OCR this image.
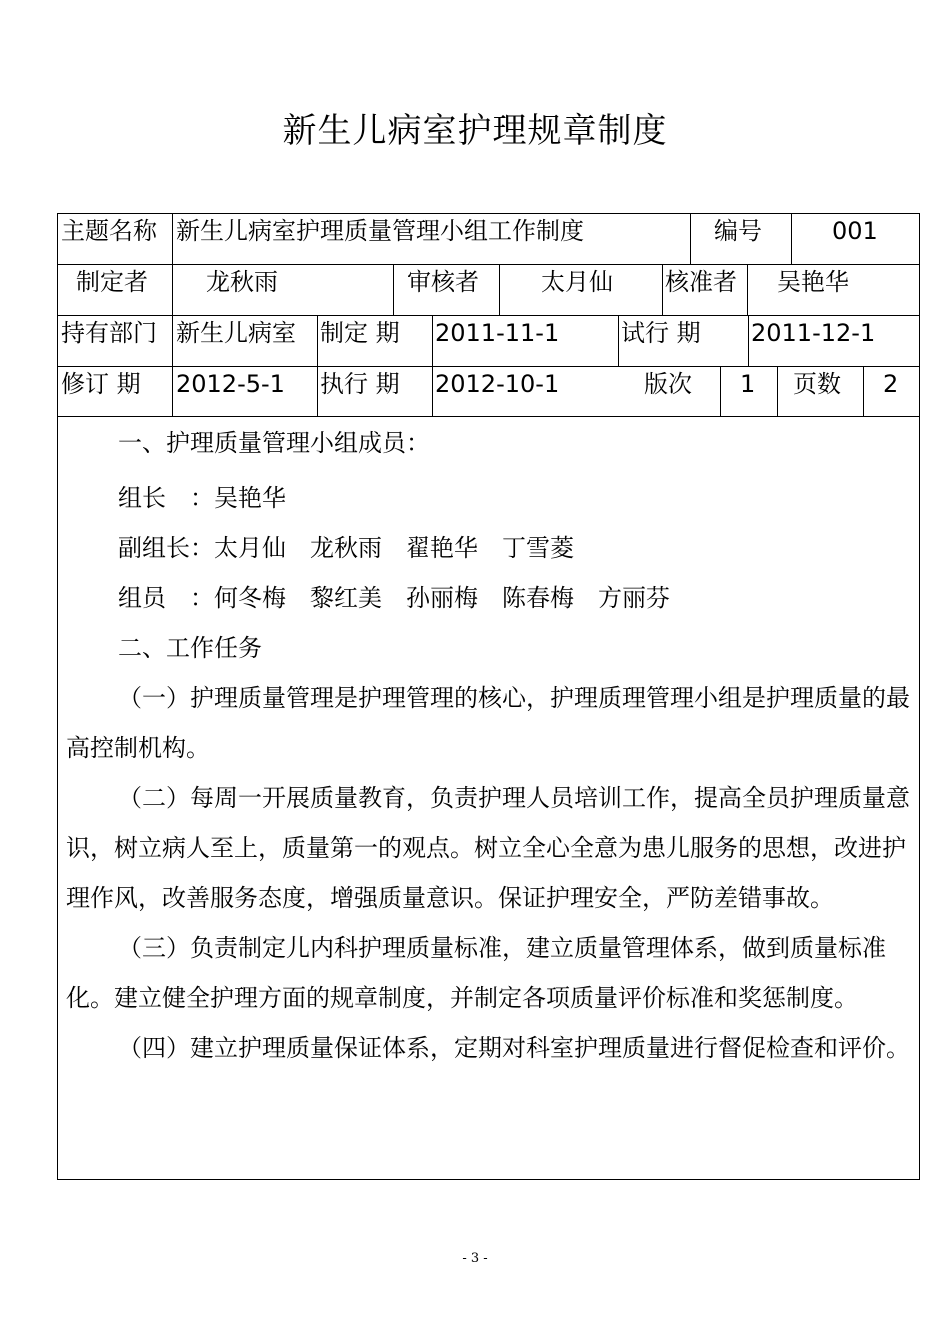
新生儿病室护理规章制度
主题名称 新生儿病室护理质量管理小组工作制度	编号	001
制定者 龙秋雨	审核者	太月仙 核准者 吴艳华
持有部门 新生儿病室 制定 期 2011-11-1	试行 期 2011-12-1
修订 期 2012-5-1 执行 期 2012-10-1	版次 1 页数 2

一、护理质量管理小组成员：

组长　：吴艳华

副组长：太月仙　龙秋雨　翟艳华　丁雪菱

组员　：何冬梅　黎红美　孙丽梅　陈春梅　方丽芬

二、工作任务

（一）护理质量管理是护理管理的核心，护理质理管理小组是护理质量的最高控制机构。

（二）每周一开展质量教育，负责护理人员培训工作，提高全员护理质量意识，树立病人至上，质量第一的观点。树立全心全意为患儿服务的思想，改进护理作风，改善服务态度，增强质量意识。保证护理安全，严防差错事故。

（三）负责制定儿内科护理质量标准，建立质量管理体系，做到质量标准化。建立健全护理方面的规章制度，并制定各项质量评价标准和奖惩制度。

（四）建立护理质量保证体系，定期对科室护理质量进行督促检查和评价。

- 3 -
